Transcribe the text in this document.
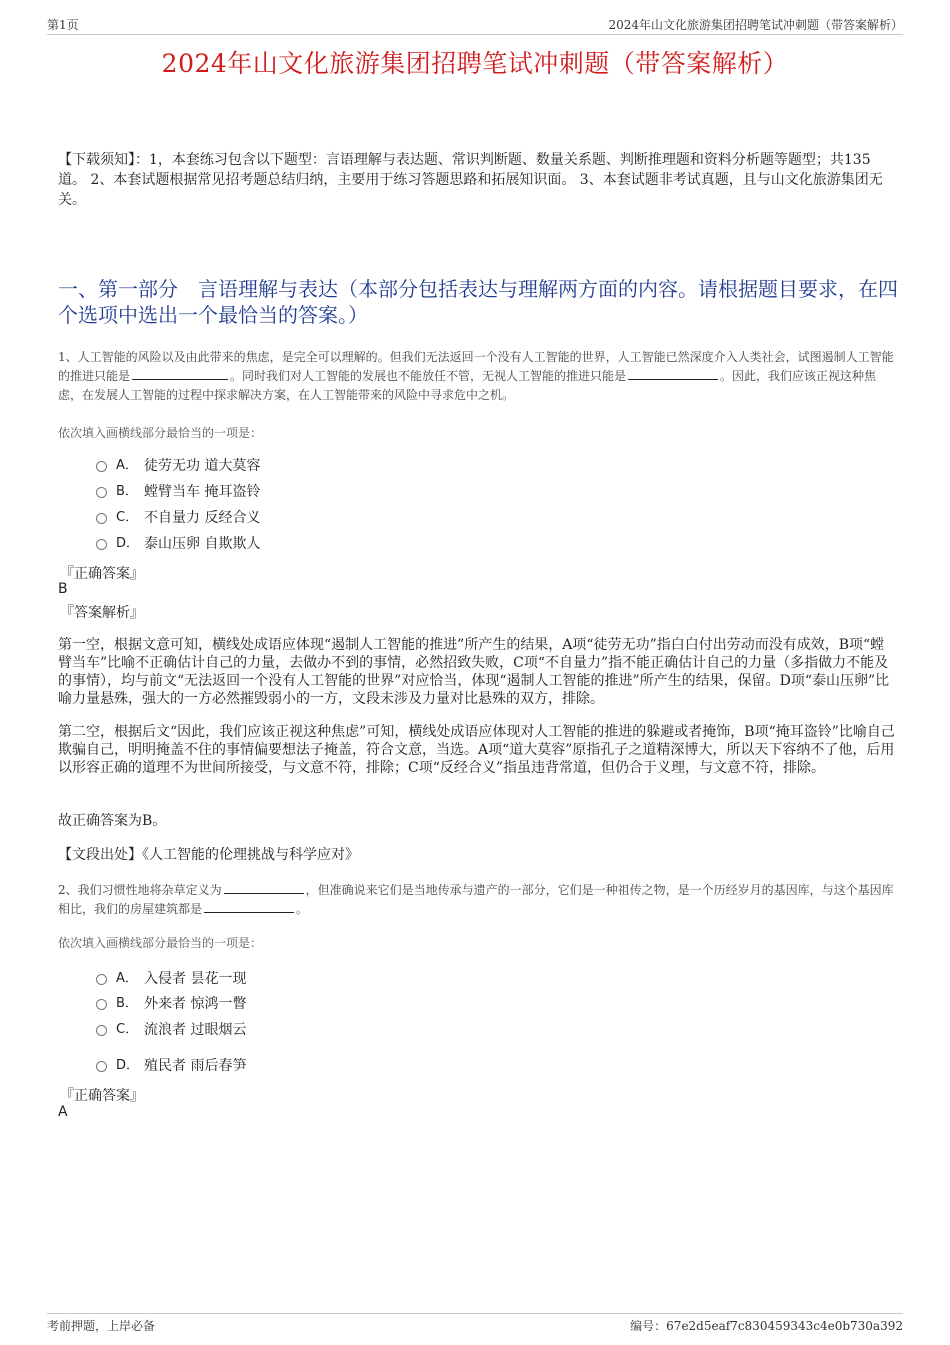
第1页	2024年山文化旅游集团招聘笔试冲刺题（带答案解析）
2024年山文化旅游集团招聘笔试冲刺题（带答案解析）
【下载须知】：1，本套练习包含以下题型：言语理解与表达题、常识判断题、数量关系题、判断推理题和资料分析题等题型；共135道。 2、本套试题根据常见招考题总结归纳，主要用于练习答题思路和拓展知识面。 3、本套试题非考试真题，且与山文化旅游集团无关。
一、第一部分　言语理解与表达（本部分包括表达与理解两方面的内容。请根据题目要求，在四个选项中选出一个最恰当的答案。）
1、人工智能的风险以及由此带来的焦虑，是完全可以理解的。但我们无法返回一个没有人工智能的世界，人工智能已然深度介入人类社会，试图遏制人工智能的推进只能是	。同时我们对人工智能的发展也不能放任不管，无视人工智能的推进只能是	。因此，我们应该正视这种焦虑，在发展人工智能的过程中探求解决方案，在人工智能带来的风险中寻求危中之机。
依次填入画横线部分最恰当的一项是：
A． 徒劳无功 道大莫容
B． 螳臂当车 掩耳盗铃
C． 不自量力 反经合义
D． 泰山压卵 自欺欺人
『正确答案』
B
『答案解析』
第一空，根据文意可知，横线处成语应体现“遏制人工智能的推进”所产生的结果，A项“徒劳无功”指白白付出劳动而没有成效，B项“螳臂当车”比喻不正确估计自己的力量，去做办不到的事情，必然招致失败，C项“不自量力”指不能正确估计自己的力量（多指做力不能及的事情），均与前文“无法返回一个没有人工智能的世界”对应恰当，体现“遏制人工智能的推进”所产生的结果，保留。D项“泰山压卵”比喻力量悬殊，强大的一方必然摧毁弱小的一方，文段未涉及力量对比悬殊的双方，排除。
第二空，根据后文“因此，我们应该正视这种焦虑”可知，横线处成语应体现对人工智能的推进的躲避或者掩饰，B项“掩耳盗铃”比喻自己欺骗自己，明明掩盖不住的事情偏要想法子掩盖，符合文意，当选。A项“道大莫容”原指孔子之道精深博大，所以天下容纳不了他，后用以形容正确的道理不为世间所接受，与文意不符，排除；C项“反经合义”指虽违背常道，但仍合于义理，与文意不符，排除。
故正确答案为B。
【文段出处】《人工智能的伦理挑战与科学应对》
2、我们习惯性地将杂草定义为	，但准确说来它们是当地传承与遗产的一部分，它们是一种祖传之物，是一个历经岁月的基因库，与这个基因库相比，我们的房屋建筑都是	。
依次填入画横线部分最恰当的一项是：
A． 入侵者 昙花一现
B． 外来者 惊鸿一瞥
C． 流浪者 过眼烟云
D． 殖民者 雨后春笋
『正确答案』
A
考前押题，上岸必备	编号：67e2d5eaf7c830459343c4e0b730a392
